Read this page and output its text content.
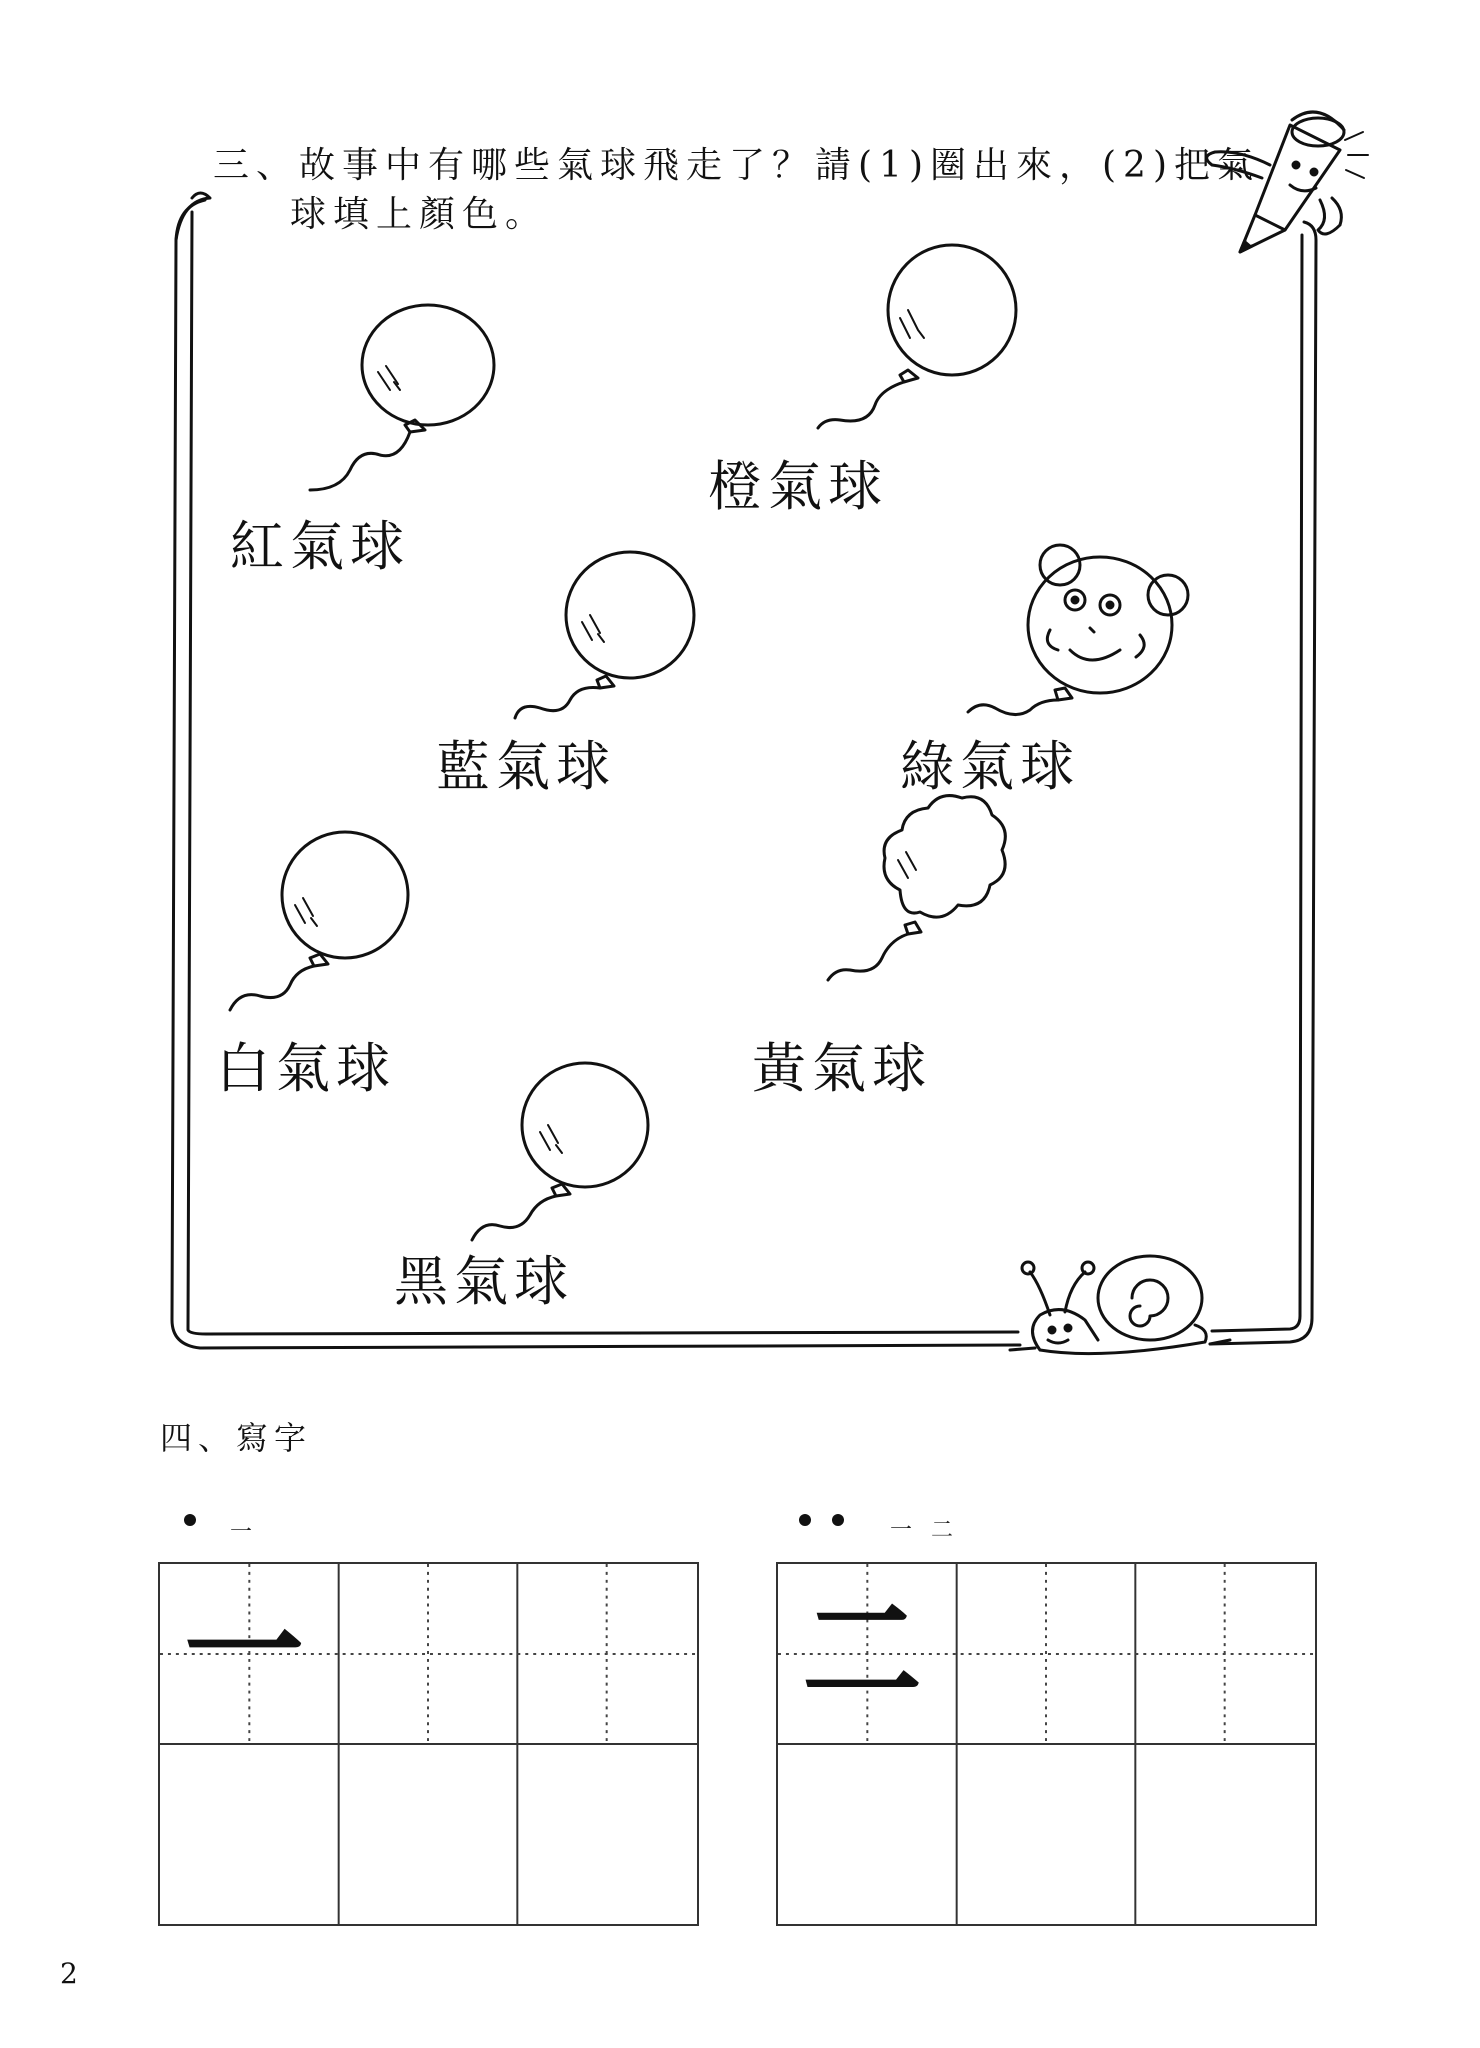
三、故事中有哪些氣球飛走了？請(1)圈出來，(2)把氣
球填上顏色。
紅氣球
橙氣球
藍氣球	綠氣球
白氣球	黃氣球
黑氣球
四、寫字
一	一 二
一	二
2
